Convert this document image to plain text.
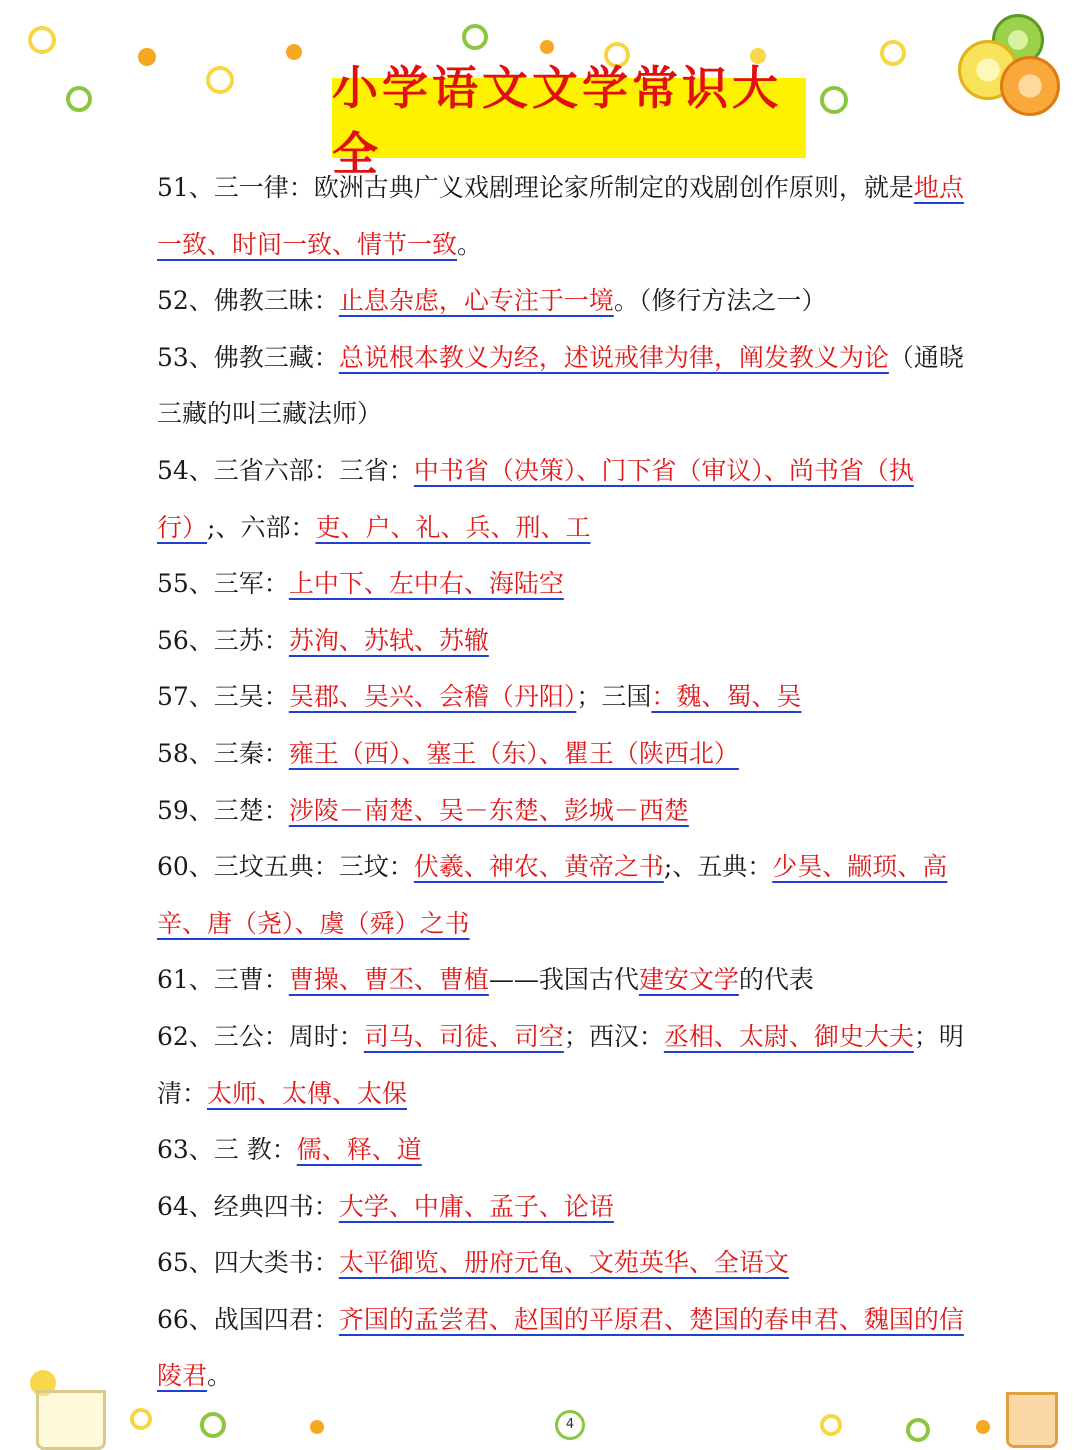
小学语文文学常识大全

51、三一律：欧洲古典广义戏剧理论家所制定的戏剧创作原则，就是地点一致、时间一致、情节一致。

52、佛教三昧：止息杂虑，心专注于一境。（修行方法之一）

53、佛教三藏：总说根本教义为经，述说戒律为律，阐发教义为论（通晓三藏的叫三藏法师）

54、三省六部：三省：中书省（决策）、门下省（审议）、尚书省（执行）;、六部：吏、户、礼、兵、刑、工

55、三军：上中下、左中右、海陆空

56、三苏：苏洵、苏轼、苏辙

57、三吴：吴郡、吴兴、会稽（丹阳）；三国：魏、蜀、吴

58、三秦：雍王（西）、塞王（东）、瞿王（陕西北）

59、三楚：涉陵－南楚、吴－东楚、彭城－西楚

60、三坟五典：三坟：伏羲、神农、黄帝之书;、五典：少昊、颛顼、高辛、唐（尧）、虞（舜）之书

61、三曹：曹操、曹丕、曹植——我国古代建安文学的代表

62、三公：周时：司马、司徒、司空；西汉：丞相、太尉、御史大夫；明清：太师、太傅、太保

63、三 教：儒、释、道

64、经典四书：大学、中庸、孟子、论语

65、四大类书：太平御览、册府元龟、文苑英华、全语文

66、战国四君：齐国的孟尝君、赵国的平原君、楚国的春申君、魏国的信陵君。

4
